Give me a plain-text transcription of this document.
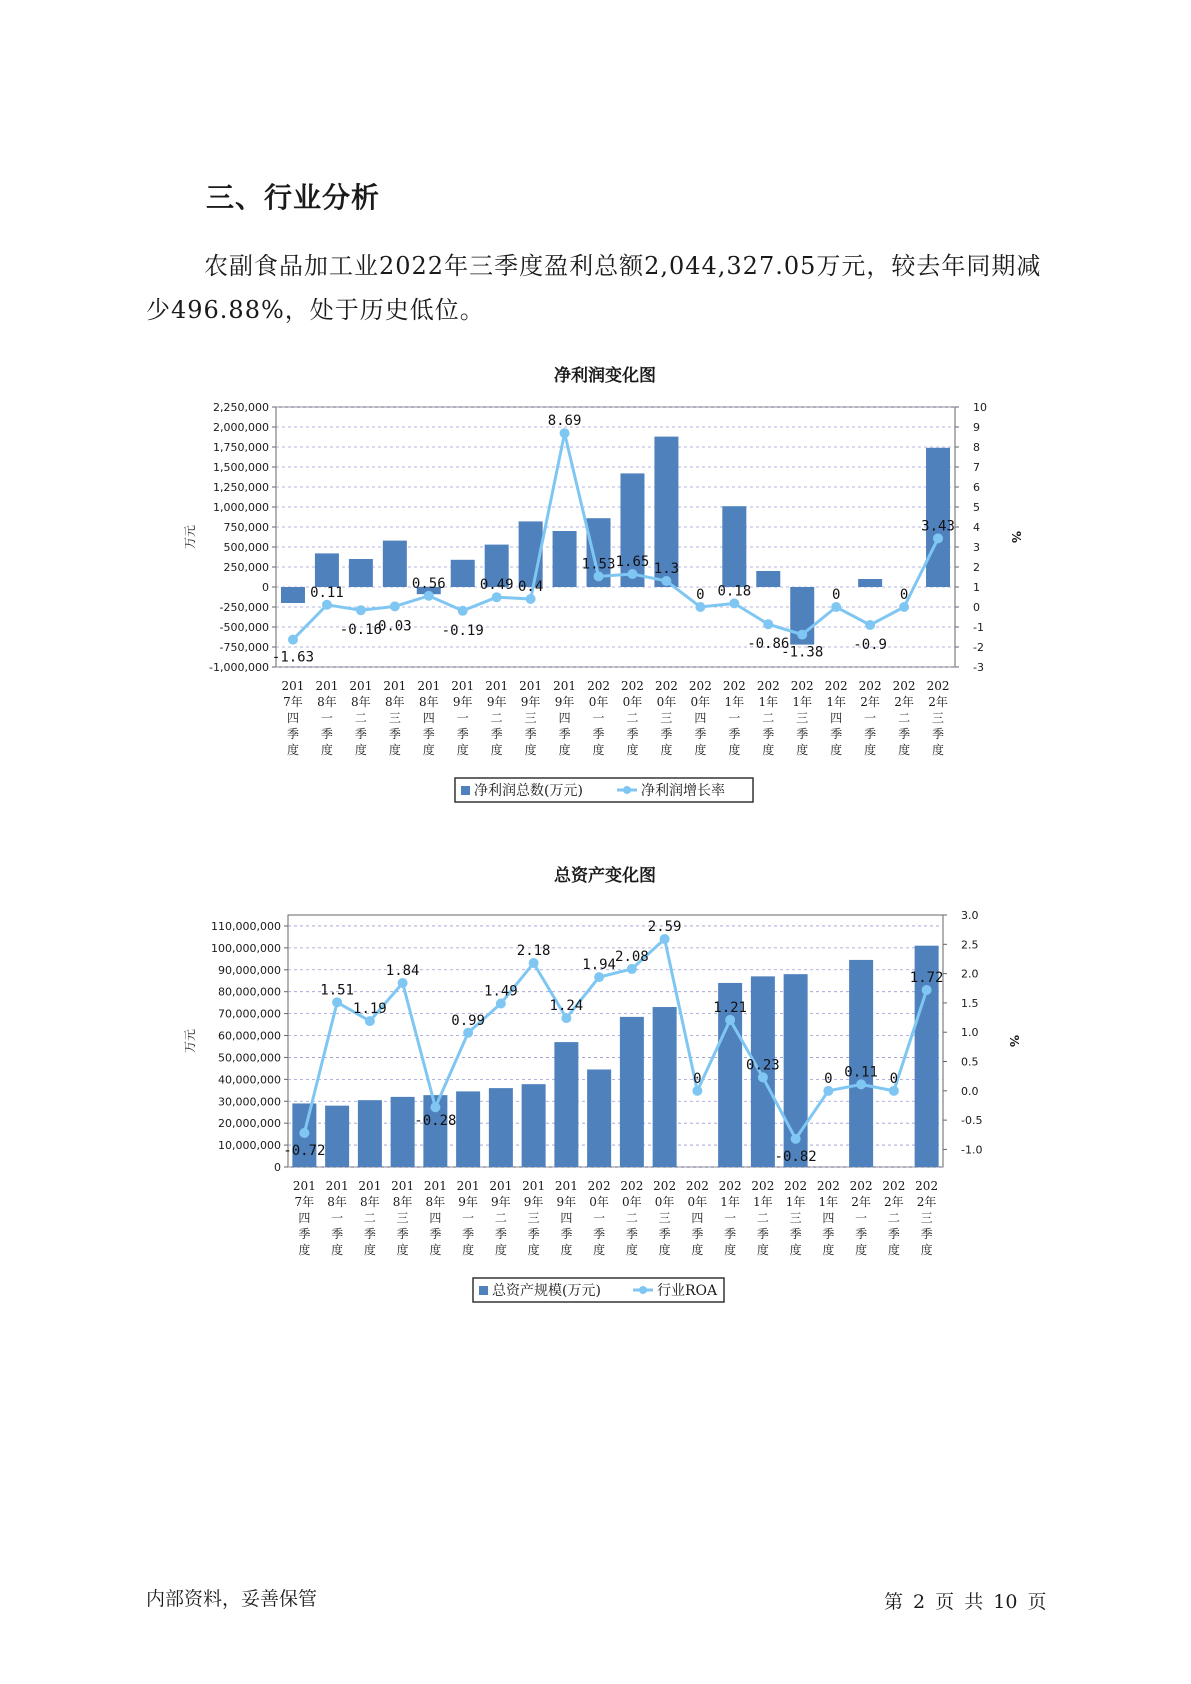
三、行业分析

农副食品加工业2022年三季度盈利总额2,044,327.05万元，较去年同期减少496.88%，处于历史低位。

净利润变化图
2,250,000
2,000,000
1,750,000
1,500,000
1,250,000
1,000,000
750,000
500,000
250,000
0
-250,000
-500,000
-750,000
-1,000,000
10
9
8
7
6
5
4
3
2
1
0
-1
-2
-3
万元	%
-1.63
0.11
-0.16
0.03
0.56
-0.19
0.49 0.4
8.69
1.53 1.65 1.3
0 0.18
-0.86
-1.38
0
-0.9
0
3.43
201
7年
四
季
度
201
8年
一
季
度
201
8年
二
季
度
201
8年
三
季
度
201
8年
四
季
度
201
9年
一
季
度
201
9年
二
季
度
201
9年
三
季
度
201
9年
四
季
度
202
0年
一
季
度
202
0年
二
季
度
202
0年
三
季
度
202
0年
四
季
度
202
1年
一
季
度
202
1年
二
季
度
202
1年
三
季
度
202
1年
四
季
度
202
2年
一
季
度
202
2年
二
季
度
202
2年
三
季
度
净利润总数(万元)	净利润增长率
总资产变化图
110,000,000
100,000,000
90,000,000
80,000,000
70,000,000
60,000,000
50,000,000
40,000,000
30,000,000
20,000,000
10,000,000
0
3.0
2.5
2.0
1.5
1.0
0.5
0.0
-0.5
-1.0
万元	%
-0.72
1.51
1.19
1.84
-0.28
0.99
1.49
2.18
1.24
1.94
2.08
2.59
0
1.21
0.23
-0.82
0 0.11 0
1.72
201
7年
四
季
度
201
8年
一
季
度
201
8年
二
季
度
201
8年
三
季
度
201
8年
四
季
度
201
9年
一
季
度
201
9年
二
季
度
201
9年
三
季
度
201
9年
四
季
度
202
0年
一
季
度
202
0年
二
季
度
202
0年
三
季
度
202
0年
四
季
度
202
1年
一
季
度
202
1年
二
季
度
202
1年
三
季
度
202
1年
四
季
度
202
2年
一
季
度
202
2年
二
季
度
202
2年
三
季
度
总资产规模(万元)	行业ROA
内部资料，妥善保管	第 2 页 共 10 页
